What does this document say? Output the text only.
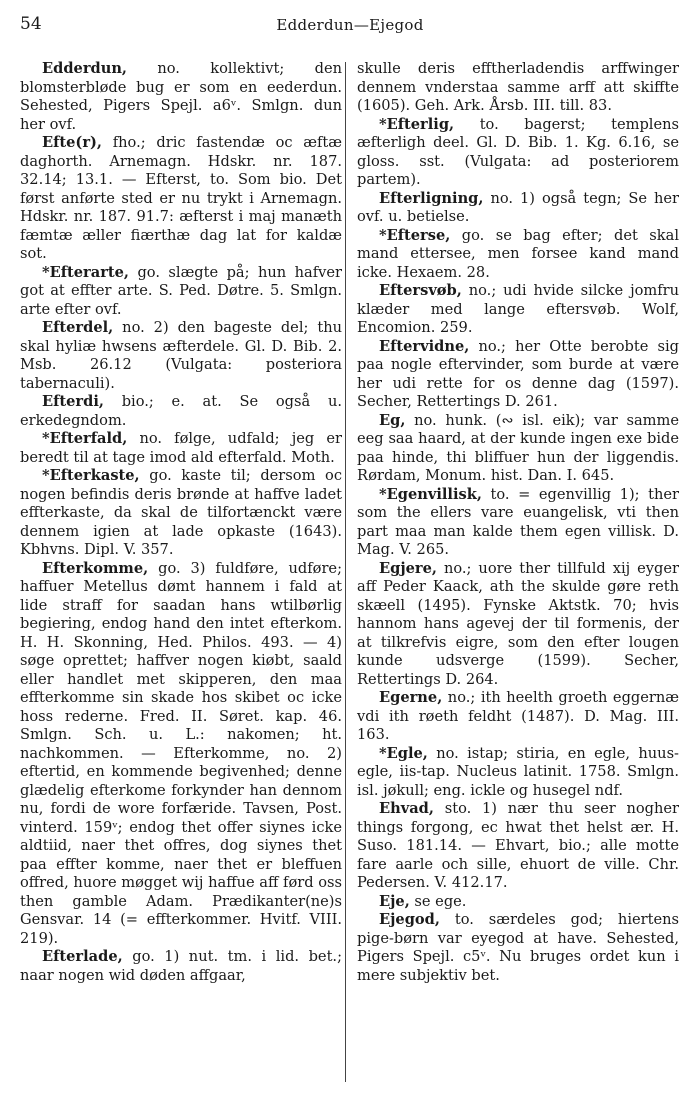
54	Edderdun—Ejegod

Edderdun, no. kollektivt; den blomsterbløde bug er som en eederdun. Sehested, Pigers Spejl. a6ᵛ. Smlgn. dun her ovf.

Efte(r), fho.; dric fastendæ oc æftæ daghorth. Arnemagn. Hdskr. nr. 187. 32.14; 13.1. — Efterst, to. Som bio. Det først anførte sted er nu trykt i Arnemagn. Hdskr. nr. 187. 91.7: æfterst i maj manæth fæmtæ æller fiærthæ dag lat for kaldæ sot.

*Efterarte, go. slægte på; hun hafver got at effter arte. S. Ped. Døtre. 5. Smlgn. arte efter ovf.

Efterdel, no. 2) den bageste del; thu skal hyliæ hwsens æfterdele. Gl. D. Bib. 2. Msb. 26.12 (Vulgata: posteriora tabernaculi).

Efterdi, bio.; e. at. Se også u. erkedegndom.

*Efterfald, no. følge, udfald; jeg er beredt til at tage imod ald efterfald. Moth.

*Efterkaste, go. kaste til; dersom oc nogen befindis deris brønde at haffve ladet effterkaste, da skal de tilfortænckt være dennem igien at lade opkaste (1643). Kbhvns. Dipl. V. 357.

Efterkomme, go. 3) fuldføre, udføre; haffuer Metellus dømt hannem i fald at lide straff for saadan hans wtilbørlig begiering, endog hand den intet efterkom. H. H. Skonning, Hed. Philos. 493. — 4) søge oprettet; haffver nogen kiøbt, saald eller handlet met skipperen, den maa effterkomme sin skade hos skibet oc icke hoss rederne. Fred. II. Søret. kap. 46. Smlgn. Sch. u. L.: nakomen; ht. nachkommen. — Efterkomme, no. 2) eftertid, en kommende begivenhed; denne glædelig efterkome forkynder han dennom nu, fordi de wore forfæride. Tavsen, Post. vinterd. 159ᵛ; endog thet offer siynes icke aldtiid, naer thet offres, dog siynes thet paa effter komme, naer thet er bleffuen offred, huore møgget wij haffue aff førd oss then gamble Adam. Prædikanter(ne)s Gensvar. 14 (= effterkommer. Hvitf. VIII. 219).

Efterlade, go. 1) nut. tm. i lid. bet.; naar nogen wid døden affgaar,

skulle deris efftherladendis arffwinger dennem vnderstaa samme arff att skiffte (1605). Geh. Ark. Årsb. III. till. 83.

*Efterlig, to. bagerst; templens æfterligh deel. Gl. D. Bib. 1. Kg. 6.16, se gloss. sst. (Vulgata: ad posteriorem partem).

Efterligning, no. 1) også tegn; Se her ovf. u. betielse.

*Efterse, go. se bag efter; det skal mand ettersee, men forsee kand mand icke. Hexaem. 28.

Eftersvøb, no.; udi hvide silcke jomfru klæder med lange eftersvøb. Wolf, Encomion. 259.

Eftervidne, no.; her Otte berobte sig paa nogle eftervinder, som burde at være her udi rette for os denne dag (1597). Secher, Rettertings D. 261.

Eg, no. hunk. (∾ isl. eik); var samme eeg saa haard, at der kunde ingen exe bide paa hinde, thi bliffuer hun der liggendis. Rørdam, Monum. hist. Dan. I. 645.

*Egenvillisk, to. = egenvillig 1); ther som the ellers vare euangelisk, vti then part maa man kalde them egen villisk. D. Mag. V. 265.

Egjere, no.; uore ther tillfuld xij eyger aff Peder Kaack, ath the skulde gøre reth skæell (1495). Fynske Aktstk. 70; hvis hannom hans agevej der til formenis, der at tilkrefvis eigre, som den efter lougen kunde udsverge (1599). Secher, Rettertings D. 264.

Egerne, no.; ith heelth groeth eggernæ vdi ith røeth feldht (1487). D. Mag. III. 163.

*Egle, no. istap; stiria, en egle, huus-egle, iis-tap. Nucleus latinit. 1758. Smlgn. isl. jøkull; eng. ickle og husegel ndf.

Ehvad, sto. 1) nær thu seer nogher things forgong, ec hwat thet helst ær. H. Suso. 181.14. — Ehvart, bio.; alle motte fare aarle och sille, ehuort de ville. Chr. Pedersen. V. 412.17.

Eje, se ege.

Ejegod, to. særdeles god; hiertens pige-børn var eyegod at have. Sehested, Pigers Spejl. c5ᵛ. Nu bruges ordet kun i mere subjektiv bet.
